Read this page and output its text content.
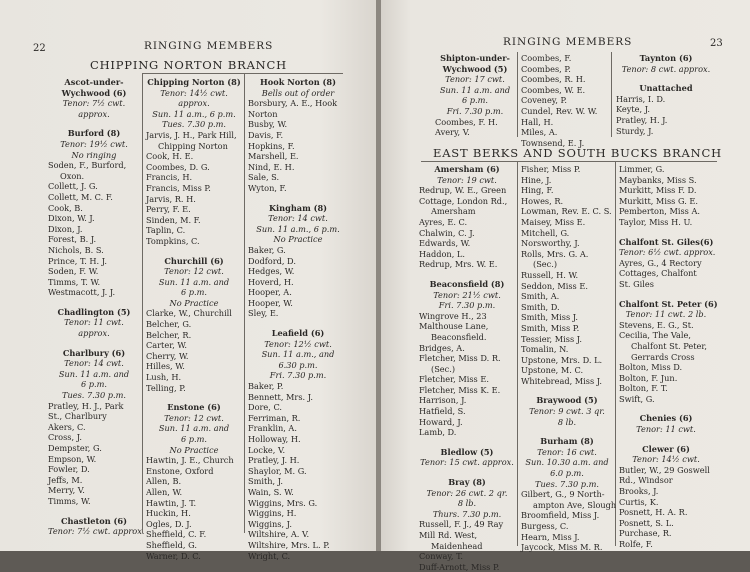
22	RINGING MEMBERS
CHIPPING NORTON BRANCH
Ascot-under-
Wychwood (6)
Tenor: 7½ cwt.
approx.
Burford (8)
Tenor: 19½ cwt.
No ringing
Soden, F., Burford,
Oxon.
Collett, J. G.
Collett, M. C. F.
Cook, B.
Dixon, W. J.
Dixon, J.
Forest, B. J.
Nichols, B. S.
Prince, T. H. J.
Soden, F. W.
Timms, T. W.
Westmacott, J. J.
Chadlington (5)
Tenor: 11 cwt.
approx.
Charlbury (6)
Tenor: 14 cwt.
Sun. 11 a.m. and
6 p.m.
Tues. 7.30 p.m.
Pratley, H. J., Park
St., Charlbury
Akers, C.
Cross, J.
Dempster, G.
Empson, W.
Fowler, D.
Jeffs, M.
Merry, V.
Timms, W.
Chastleton (6)
Tenor: 7½ cwt. approx.
Chipping Norton (8)
Tenor: 14½ cwt.
approx.
Sun. 11 a.m., 6 p.m.
Tues. 7.30 p.m.
Jarvis, J. H., Park Hill,
Chipping Norton
Cook, H. E.
Coombes, D. G.
Francis, H.
Francis, Miss P.
Jarvis, R. H.
Perry, F. E.
Sinden, M. F.
Taplin, C.
Tompkins, C.
Churchill (6)
Tenor: 12 cwt.
Sun. 11 a.m. and
6 p.m.
No Practice
Clarke, W., Churchill
Belcher, G.
Belcher, R.
Carter, W.
Cherry, W.
Hilles, W.
Lush, H.
Telling, P.
Enstone (6)
Tenor: 12 cwt.
Sun. 11 a.m. and
6 p.m.
No Practice
Hawtin, J. E., Church
Enstone, Oxford
Allen, B.
Allen, W.
Hawtin, J. T.
Huckin, H.
Ogles, D. J.
Sheffield, C. F.
Sheffield, G.
Warner, D. C.
Hook Norton (8)
Bells out of order
Borsbury, A. E., Hook
Norton
Busby, W.
Davis, F.
Hopkins, F.
Marshell, E.
Nind, E. H.
Sale, S.
Wyton, F.
Kingham (8)
Tenor: 14 cwt.
Sun. 11 a.m., 6 p.m.
No Practice
Baker, G.
Dodford, D.
Hedges, W.
Hoverd, H.
Hooper, A.
Hooper, W.
Sley, E.
Leafield (6)
Tenor: 12½ cwt.
Sun. 11 a.m., and
6.30 p.m.
Fri. 7.30 p.m.
Baker, P.
Bennett, Mrs. J.
Dore, C.
Ferriman, R.
Franklin, A.
Holloway, H.
Locke, V.
Pratley, J. H.
Shaylor, M. G.
Smith, J.
Wain, S. W.
Wiggins, Mrs. G.
Wiggins, H.
Wiggins, J.
Wiltshire, A. V.
Wiltshire, Mrs. L. P.
Wright, C.
RINGING MEMBERS	23
Shipton-under-
Wychwood (5)
Tenor: 17 cwt.
Sun. 11 a.m. and
6 p.m.
Fri. 7.30 p.m.
Coombes, F. H.
Avery, V.
Coombes, F.
Coombes, P.
Coombes, R. H.
Coombes, W. E.
Coveney, P.
Cundel, Rev. W. W.
Hall, H.
Miles, A.
Townsend, E. J.
Taynton (6)
Tenor: 8 cwt. approx.
Unattached
Harris, I. D.
Keyte, J.
Pratley, H. J.
Sturdy, J.
EAST BERKS AND SOUTH BUCKS BRANCH
Amersham (6)
Tenor: 19 cwt.
Redrup, W. E., Green
Cottage, London Rd.,
Amersham
Ayres, E. C.
Chalwin, C. J.
Edwards, W.
Haddon, L.
Redrup, Mrs. W. E.
Beaconsfield (8)
Tenor: 21½ cwt.
Fri. 7.30 p.m.
Wingrove H., 23
Malthouse Lane,
Beaconsfield.
Bridges, A.
Fletcher, Miss D. R.
(Sec.)
Fletcher, Miss E.
Fletcher, Miss K. E.
Harrison, J.
Hatfield, S.
Howard, J.
Lamb, D.
Bledlow (5)
Tenor: 15 cwt. approx.
Bray (8)
Tenor: 26 cwt. 2 qr.
8 lb.
Thurs. 7.30 p.m.
Russell, F. J., 49 Ray
Mill Rd. West,
Maidenhead
Conway, T.
Duff-Arnott, Miss P.
Fisher, Miss P.
Hine, J.
Hing, F.
Howes, R.
Lowman, Rev. E. C. S.
Maisey, Miss E.
Mitchell, G.
Norsworthy, J.
Rolls, Mrs. G. A.
(Sec.)
Russell, H. W.
Seddon, Miss E.
Smith, A.
Smith, D.
Smith, Miss J.
Smith, Miss P.
Tessier, Miss J.
Tomalin, N.
Upstone, Mrs. D. L.
Upstone, M. C.
Whitebread, Miss J.
Braywood (5)
Tenor: 9 cwt. 3 qr.
8 lb.
Burham (8)
Tenor: 16 cwt.
Sun. 10.30 a.m. and
6.0 p.m.
Tues. 7.30 p.m.
Gilbert, G., 9 North-
ampton Ave, Slough
Broomfield, Miss J.
Burgess, C.
Hearn, Miss J.
Jaycock, Miss M. R.
Limmer, G.
Maybanks, Miss S.
Murkitt, Miss F. D.
Murkitt, Miss G. E.
Pemberton, Miss A.
Taylor, Miss H. U.
Chalfont St. Giles(6)
Tenor: 6½ cwt. approx.
Ayres, G., 4 Rectory
Cottages, Chalfont
St. Giles
Chalfont St. Peter (6)
Tenor: 11 cwt. 2 lb.
Stevens, E. G., St.
Cecilia, The Vale,
Chalfont St. Peter,
Gerrards Cross
Bolton, Miss D.
Bolton, F. Jun.
Bolton, F. T.
Swift, G.
Chenies (6)
Tenor: 11 cwt.
Clewer (6)
Tenor: 14½ cwt.
Butler, W., 29 Goswell
Rd., Windsor
Brooks, J.
Curtis, K.
Posnett, H. A. R.
Posnett, S. L.
Purchase, R.
Rolfe, F.
